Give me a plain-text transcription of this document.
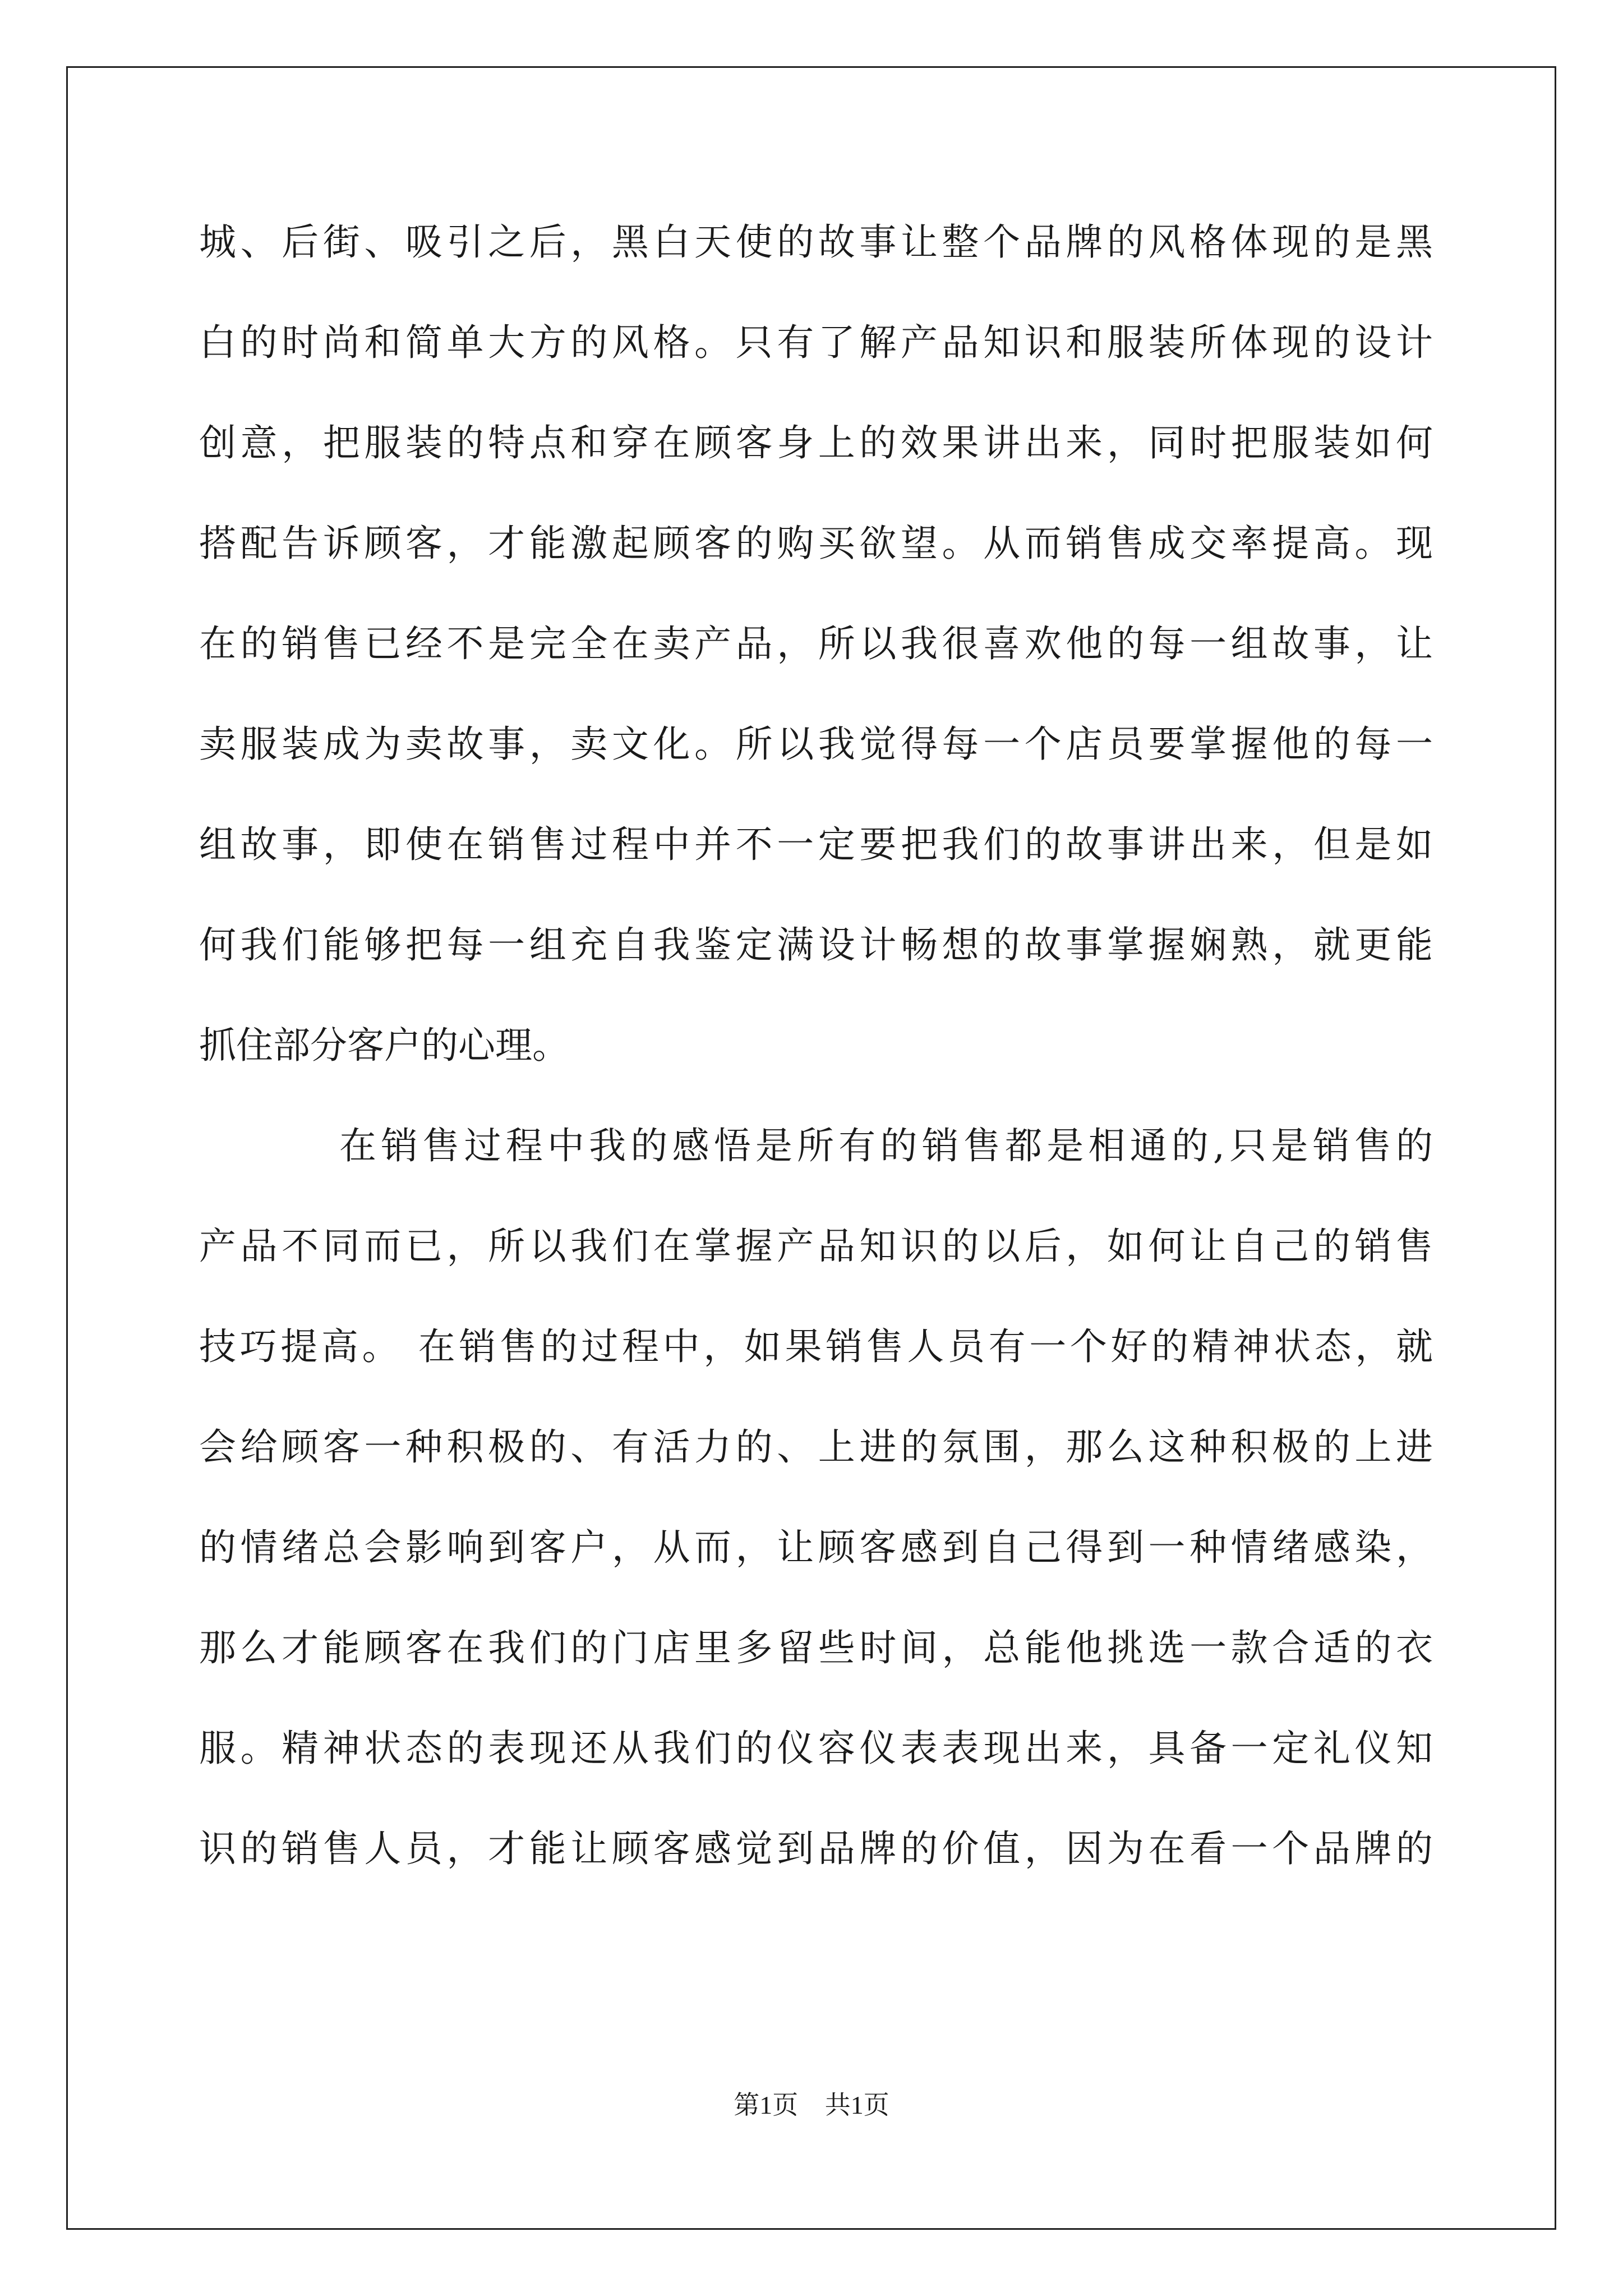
城、后街、吸引之后，黑白天使的故事让整个品牌的风格体现的是黑
白的时尚和简单大方的风格。只有了解产品知识和服装所体现的设计
创意，把服装的特点和穿在顾客身上的效果讲出来，同时把服装如何
搭配告诉顾客，才能激起顾客的购买欲望。从而销售成交率提高。现
在的销售已经不是完全在卖产品，所以我很喜欢他的每一组故事，让
卖服装成为卖故事，卖文化。所以我觉得每一个店员要掌握他的每一
组故事，即使在销售过程中并不一定要把我们的故事讲出来，但是如
何我们能够把每一组充自我鉴定满设计畅想的故事掌握娴熟，就更能
抓住部分客户的心理。
在销售过程中我的感悟是所有的销售都是相通的,只是销售的
产品不同而已，所以我们在掌握产品知识的以后，如何让自己的销售
技巧提高。 在销售的过程中，如果销售人员有一个好的精神状态，就
会给顾客一种积极的、有活力的、上进的氛围，那么这种积极的上进
的情绪总会影响到客户，从而，让顾客感到自己得到一种情绪感染，
那么才能顾客在我们的门店里多留些时间，总能他挑选一款合适的衣
服。精神状态的表现还从我们的仪容仪表表现出来，具备一定礼仪知
识的销售人员，才能让顾客感觉到品牌的价值，因为在看一个品牌的
第1页 共1页
